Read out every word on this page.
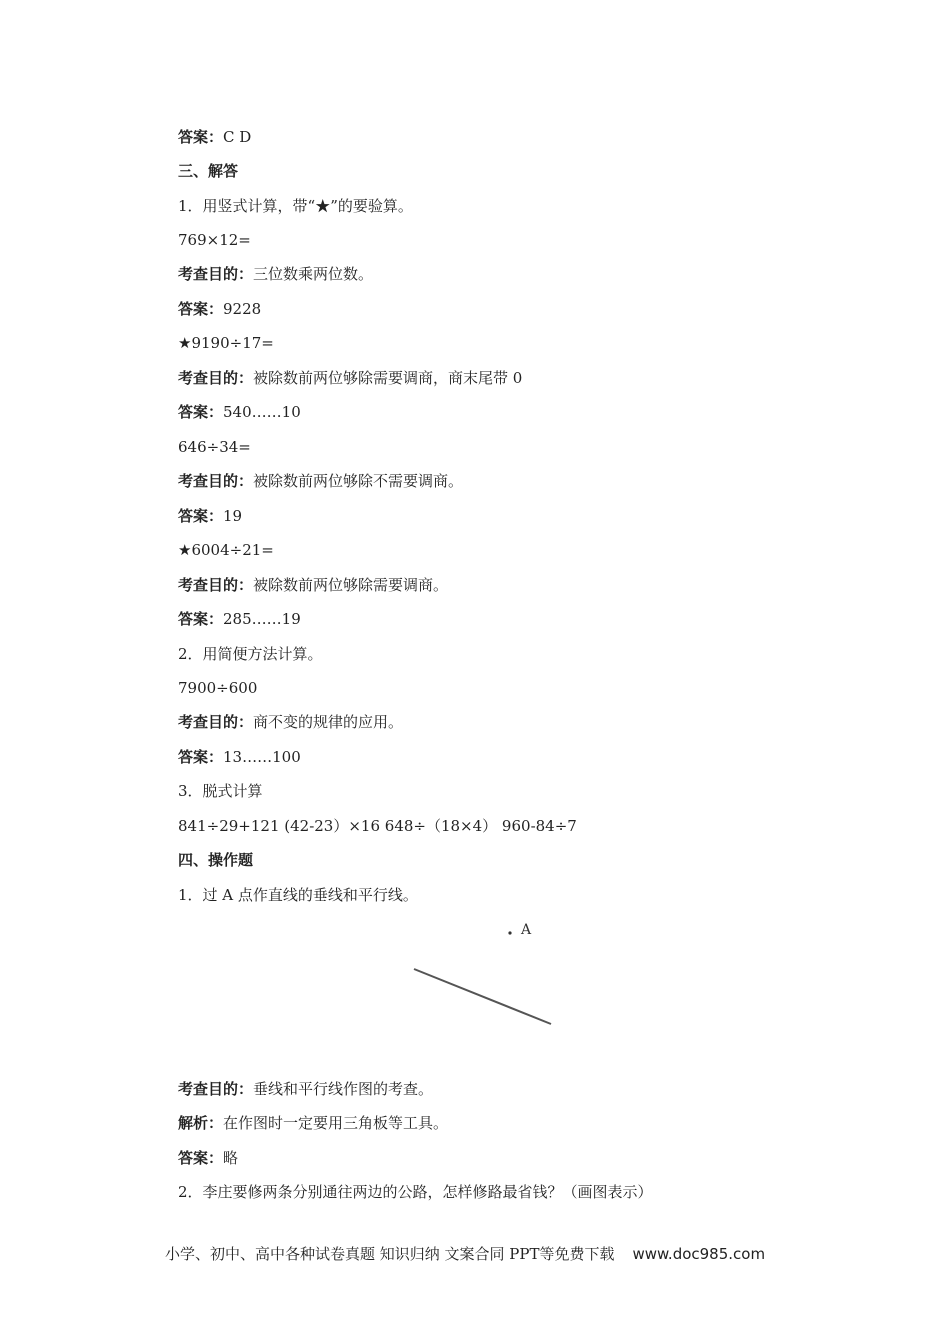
答案：C D

三、解答

1．用竖式计算，带“★”的要验算。

769×12=

考查目的：三位数乘两位数。

答案：9228

★9190÷17=

考查目的：被除数前两位够除需要调商，商末尾带 0

答案：540……10

646÷34=

考查目的：被除数前两位够除不需要调商。

答案：19

★6004÷21=

考查目的：被除数前两位够除需要调商。

答案：285……19

2．用简便方法计算。

7900÷600

考查目的：商不变的规律的应用。

答案：13……100

3．脱式计算

841÷29+121 (42-23）×16 648÷（18×4） 960-84÷7

四、操作题

1．过 A 点作直线的垂线和平行线。

A

考查目的：垂线和平行线作图的考查。

解析：在作图时一定要用三角板等工具。

答案：略

2．李庄要修两条分别通往两边的公路，怎样修路最省钱？（画图表示）

小学、初中、高中各种试卷真题 知识归纳 文案合同 PPT等免费下载 www.doc985.com
